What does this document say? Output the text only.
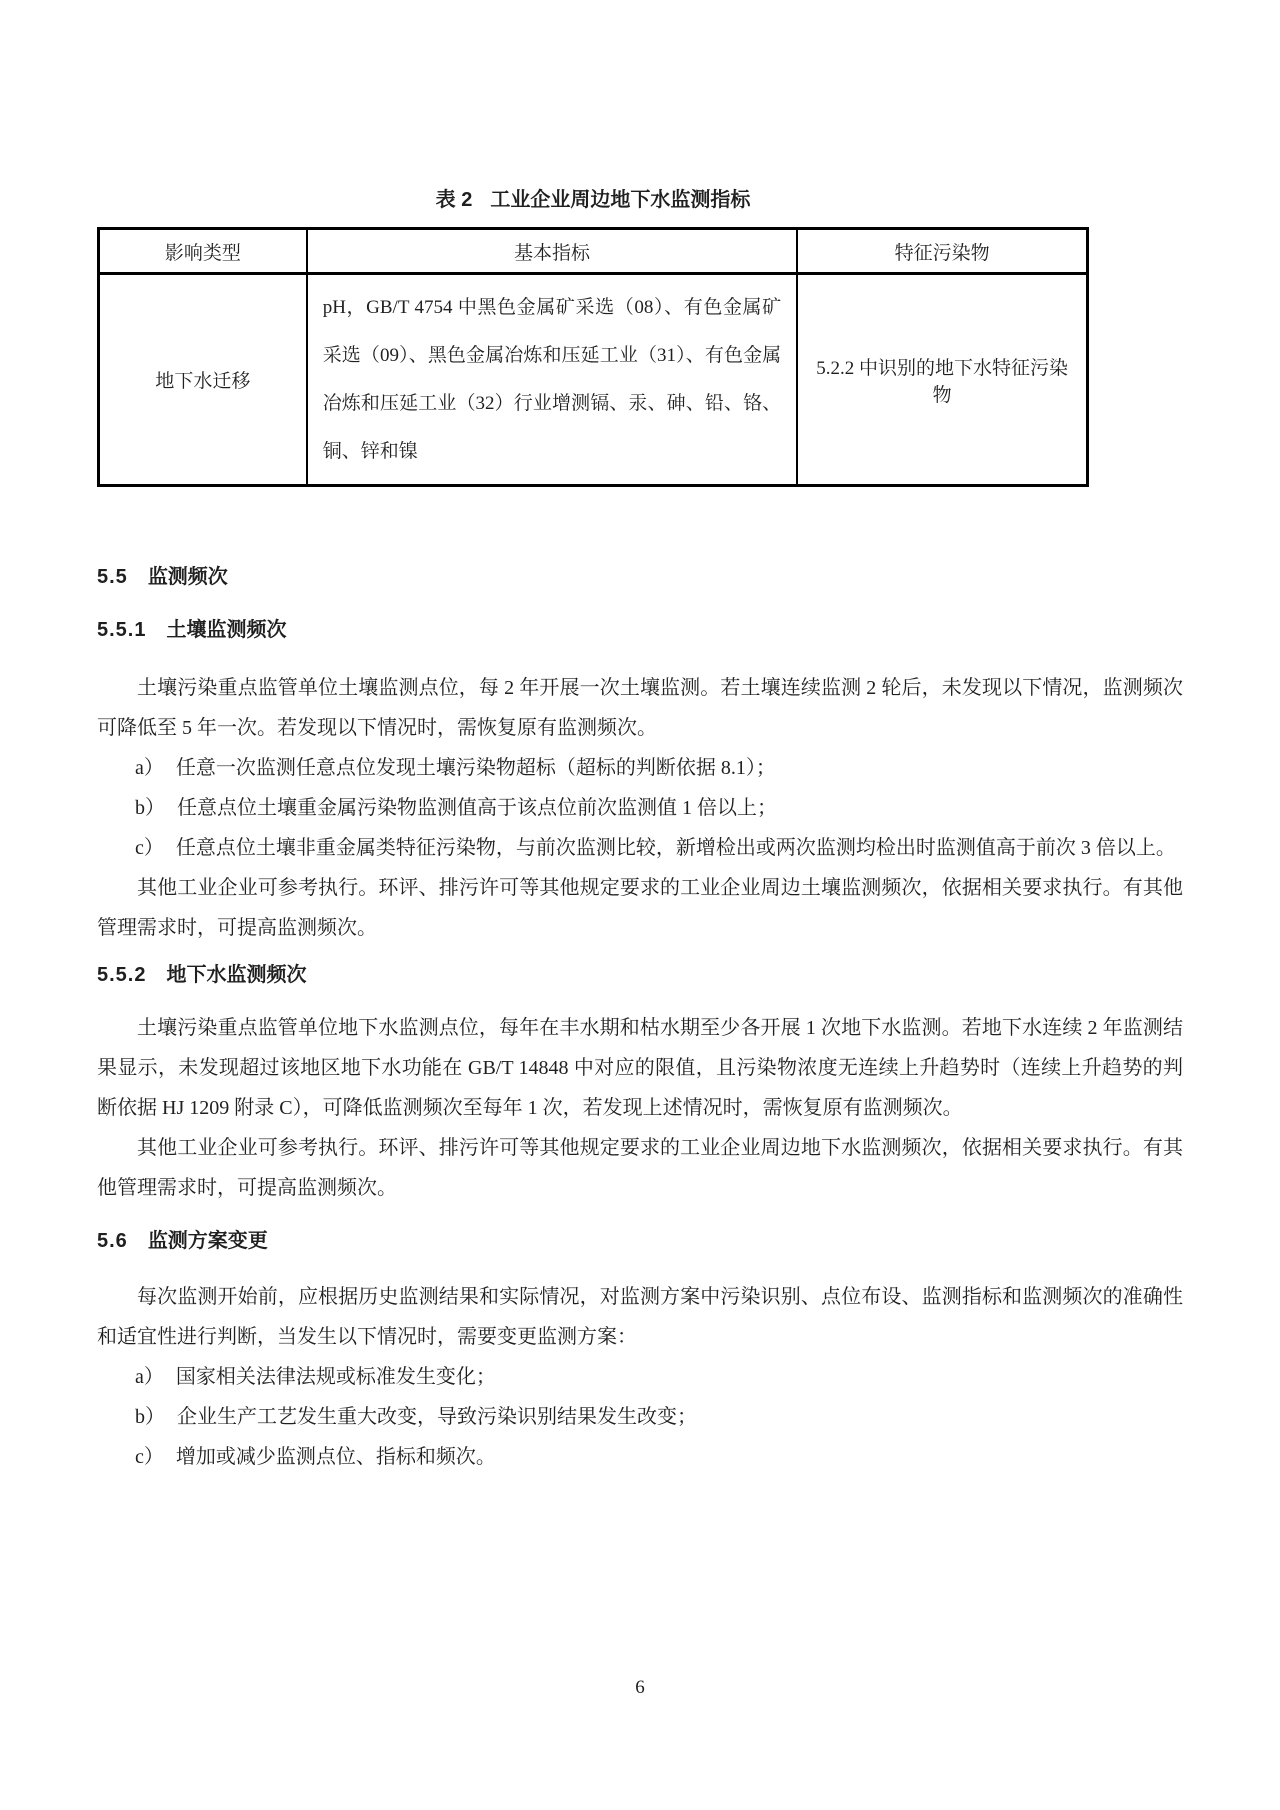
表 2 工业企业周边地下水监测指标
影响类型	基本指标	特征污染物
地下水迁移	pH，GB/T 4754 中黑色金属矿采选（08）、有色金属矿采选（09）、黑色金属冶炼和压延工业（31）、有色金属冶炼和压延工业（32）行业增测镉、汞、砷、铅、铬、铜、锌和镍	5.2.2 中识别的地下水特征污染物
5.5 监测频次
5.5.1 土壤监测频次

土壤污染重点监管单位土壤监测点位，每 2 年开展一次土壤监测。若土壤连续监测 2 轮后，未发现以下情况，监测频次可降低至 5 年一次。若发现以下情况时，需恢复原有监测频次。

a） 任意一次监测任意点位发现土壤污染物超标（超标的判断依据 8.1）；
b） 任意点位土壤重金属污染物监测值高于该点位前次监测值 1 倍以上；
c） 任意点位土壤非重金属类特征污染物，与前次监测比较，新增检出或两次监测均检出时监测值高于前次 3 倍以上。

其他工业企业可参考执行。环评、排污许可等其他规定要求的工业企业周边土壤监测频次，依据相关要求执行。有其他管理需求时，可提高监测频次。

5.5.2 地下水监测频次

土壤污染重点监管单位地下水监测点位，每年在丰水期和枯水期至少各开展 1 次地下水监测。若地下水连续 2 年监测结果显示，未发现超过该地区地下水功能在 GB/T 14848 中对应的限值，且污染物浓度无连续上升趋势时（连续上升趋势的判断依据 HJ 1209 附录 C），可降低监测频次至每年 1 次，若发现上述情况时，需恢复原有监测频次。

其他工业企业可参考执行。环评、排污许可等其他规定要求的工业企业周边地下水监测频次，依据相关要求执行。有其他管理需求时，可提高监测频次。

5.6 监测方案变更

每次监测开始前，应根据历史监测结果和实际情况，对监测方案中污染识别、点位布设、监测指标和监测频次的准确性和适宜性进行判断，当发生以下情况时，需要变更监测方案：

a） 国家相关法律法规或标准发生变化；
b） 企业生产工艺发生重大改变，导致污染识别结果发生改变；
c） 增加或减少监测点位、指标和频次。
6
